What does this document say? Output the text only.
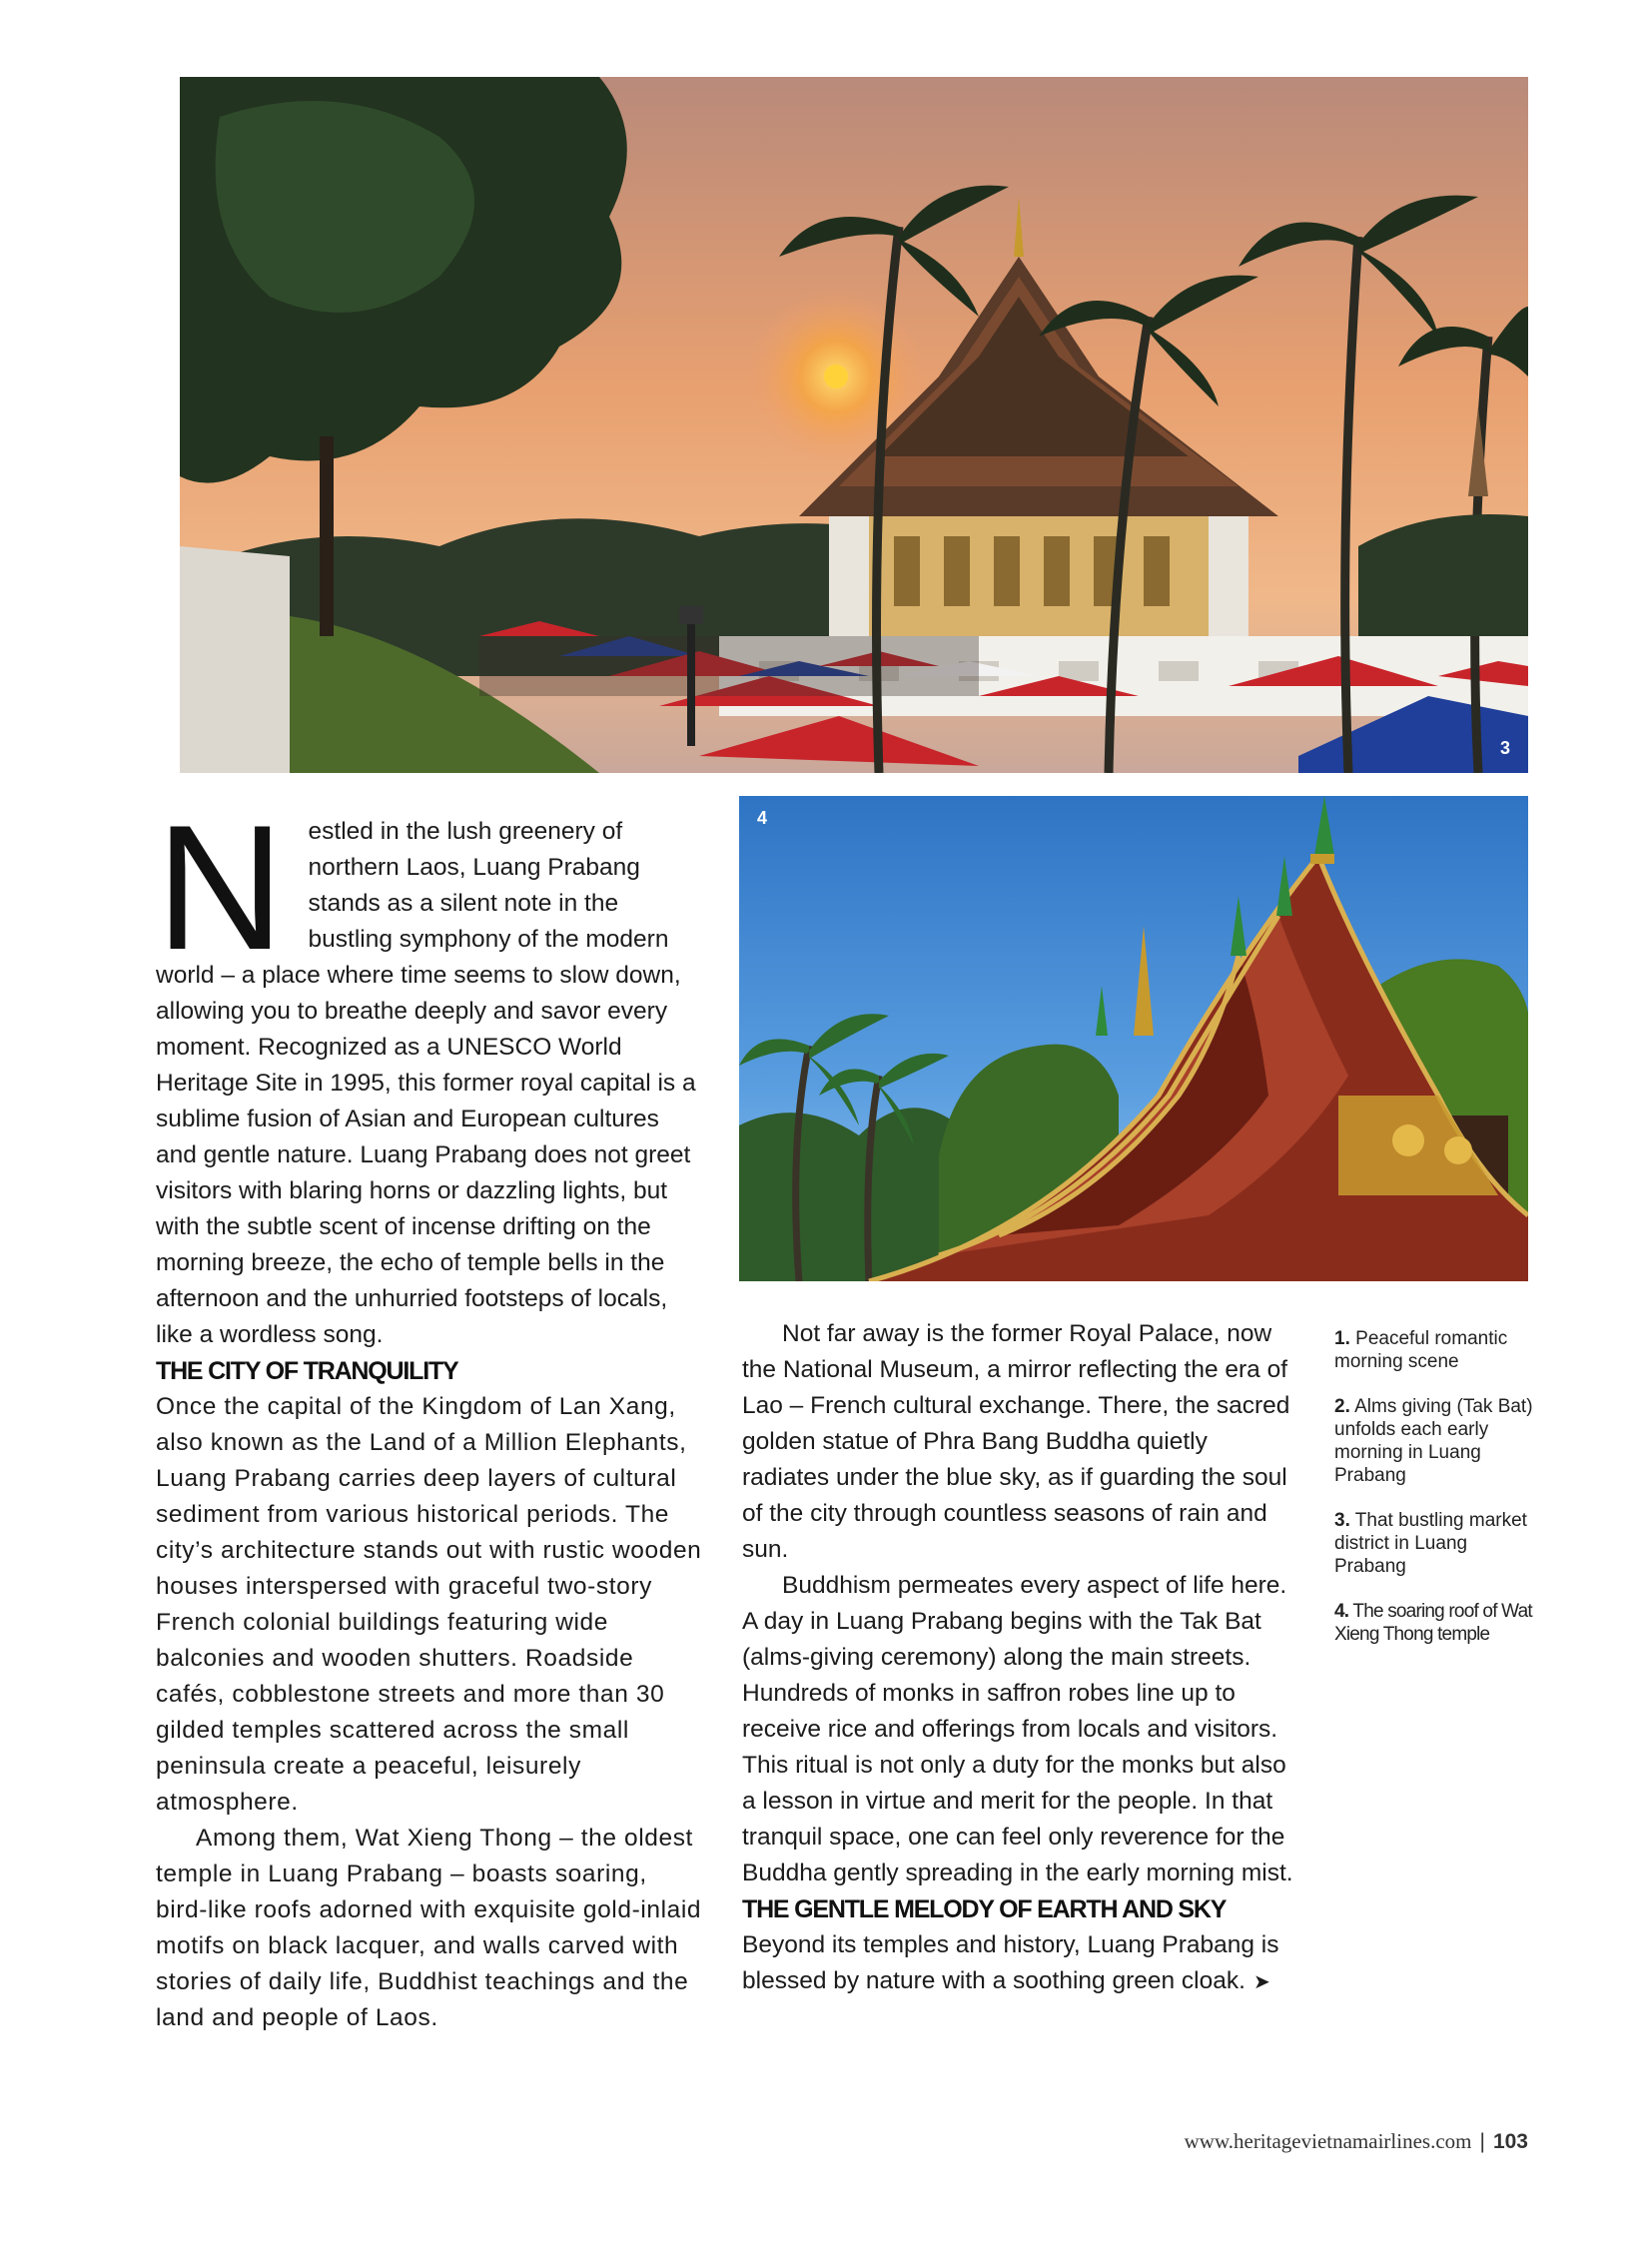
3
4
N	estled in the lush greenery of northern Laos, Luang Prabang stands as a silent note in the bustling symphony of the modern world – a place where time seems to slow down, allowing you to breathe deeply and savor every moment. Recognized as a UNESCO World Heritage Site in 1995, this former royal capital is a sublime fusion of Asian and European cultures and gentle nature. Luang Prabang does not greet visitors with blaring horns or dazzling lights, but with the subtle scent of incense drifting on the morning breeze, the echo of temple bells in the afternoon and the unhurried footsteps of locals, like a wordless song.

THE CITY OF TRANQUILITY

Once the capital of the Kingdom of Lan Xang, also known as the Land of a Million Elephants, Luang Prabang carries deep layers of cultural sediment from various historical periods. The city’s architecture stands out with rustic wooden houses interspersed with graceful two-story French colonial buildings featuring wide balconies and wooden shutters. Roadside cafés, cobblestone streets and more than 30 gilded temples scattered across the small peninsula create a peaceful, leisurely atmosphere.

Among them, Wat Xieng Thong – the oldest temple in Luang Prabang – boasts soaring, bird-like roofs adorned with exquisite gold-inlaid motifs on black lacquer, and walls carved with stories of daily life, Buddhist teachings and the land and people of Laos.

Not far away is the former Royal Palace, now the National Museum, a mirror reflecting the era of Lao – French cultural exchange. There, the sacred golden statue of Phra Bang Buddha quietly radiates under the blue sky, as if guarding the soul of the city through countless seasons of rain and sun.

Buddhism permeates every aspect of life here. A day in Luang Prabang begins with the Tak Bat (alms-giving ceremony) along the main streets. Hundreds of monks in saffron robes line up to receive rice and offerings from locals and visitors. This ritual is not only a duty for the monks but also a lesson in virtue and merit for the people. In that tranquil space, one can feel only reverence for the Buddha gently spreading in the early morning mist.

THE GENTLE MELODY OF EARTH AND SKY

Beyond its temples and history, Luang Prabang is blessed by nature with a soothing green cloak. ➤

1. Peaceful romantic morning scene
2. Alms giving (Tak Bat) unfolds each early morning in Luang Prabang
3. That bustling market district in Luang Prabang
4. The soaring roof of Wat Xieng Thong temple
www.heritagevietnamairlines.com | 103
